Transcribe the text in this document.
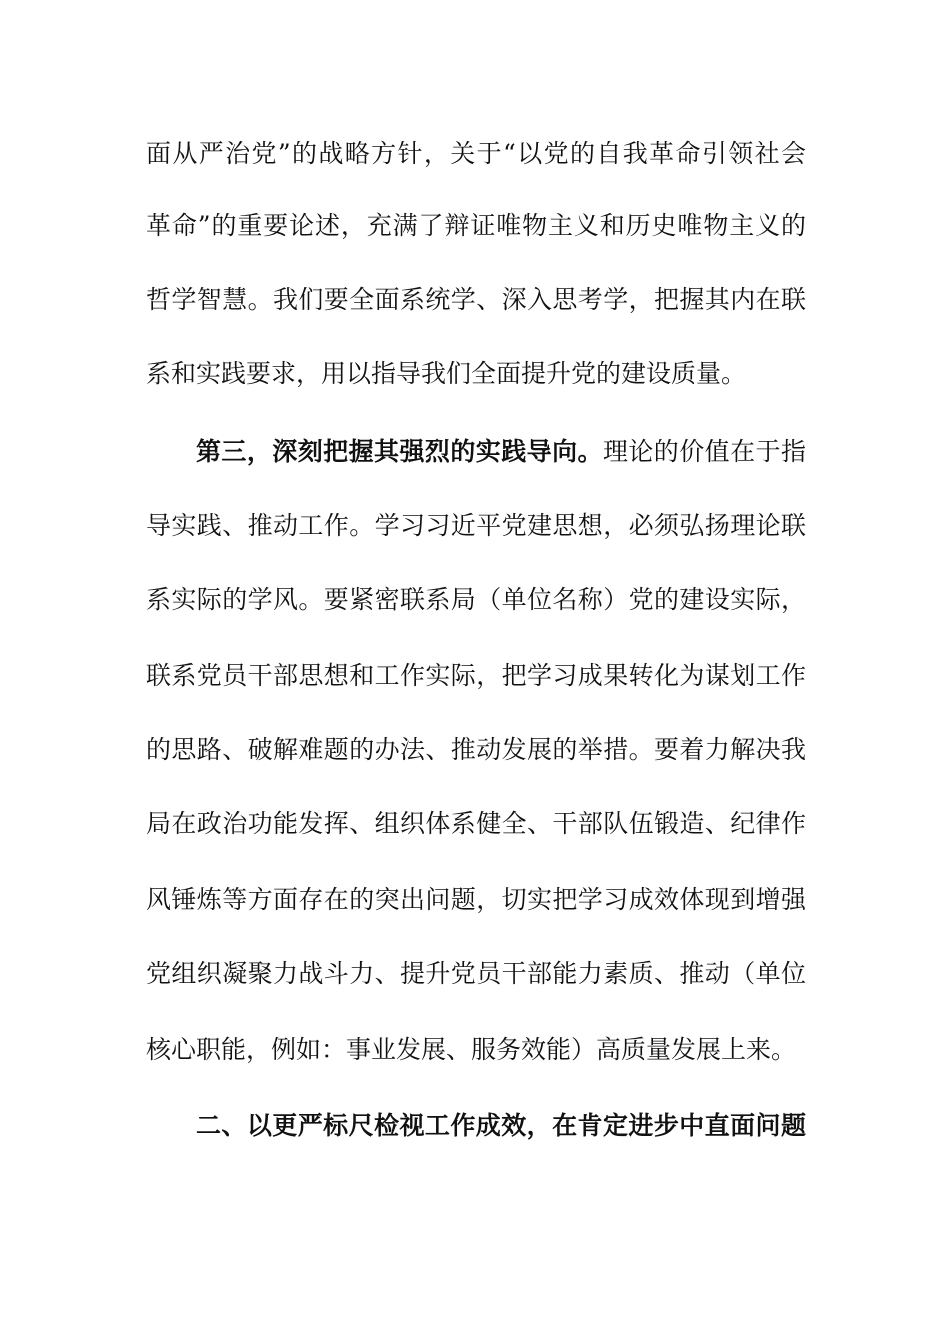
面从严治党”的战略方针，关于“以党的自我革命引领社会
革命”的重要论述，充满了辩证唯物主义和历史唯物主义的
哲学智慧。我们要全面系统学、深入思考学，把握其内在联
系和实践要求，用以指导我们全面提升党的建设质量。
第三，深刻把握其强烈的实践导向。理论的价值在于指
导实践、推动工作。学习习近平党建思想，必须弘扬理论联
系实际的学风。要紧密联系局（单位名称）党的建设实际，
联系党员干部思想和工作实际，把学习成果转化为谋划工作
的思路、破解难题的办法、推动发展的举措。要着力解决我
局在政治功能发挥、组织体系健全、干部队伍锻造、纪律作
风锤炼等方面存在的突出问题，切实把学习成效体现到增强
党组织凝聚力战斗力、提升党员干部能力素质、推动（单位
核心职能，例如：事业发展、服务效能）高质量发展上来。
二、以更严标尺检视工作成效，在肯定进步中直面问题
